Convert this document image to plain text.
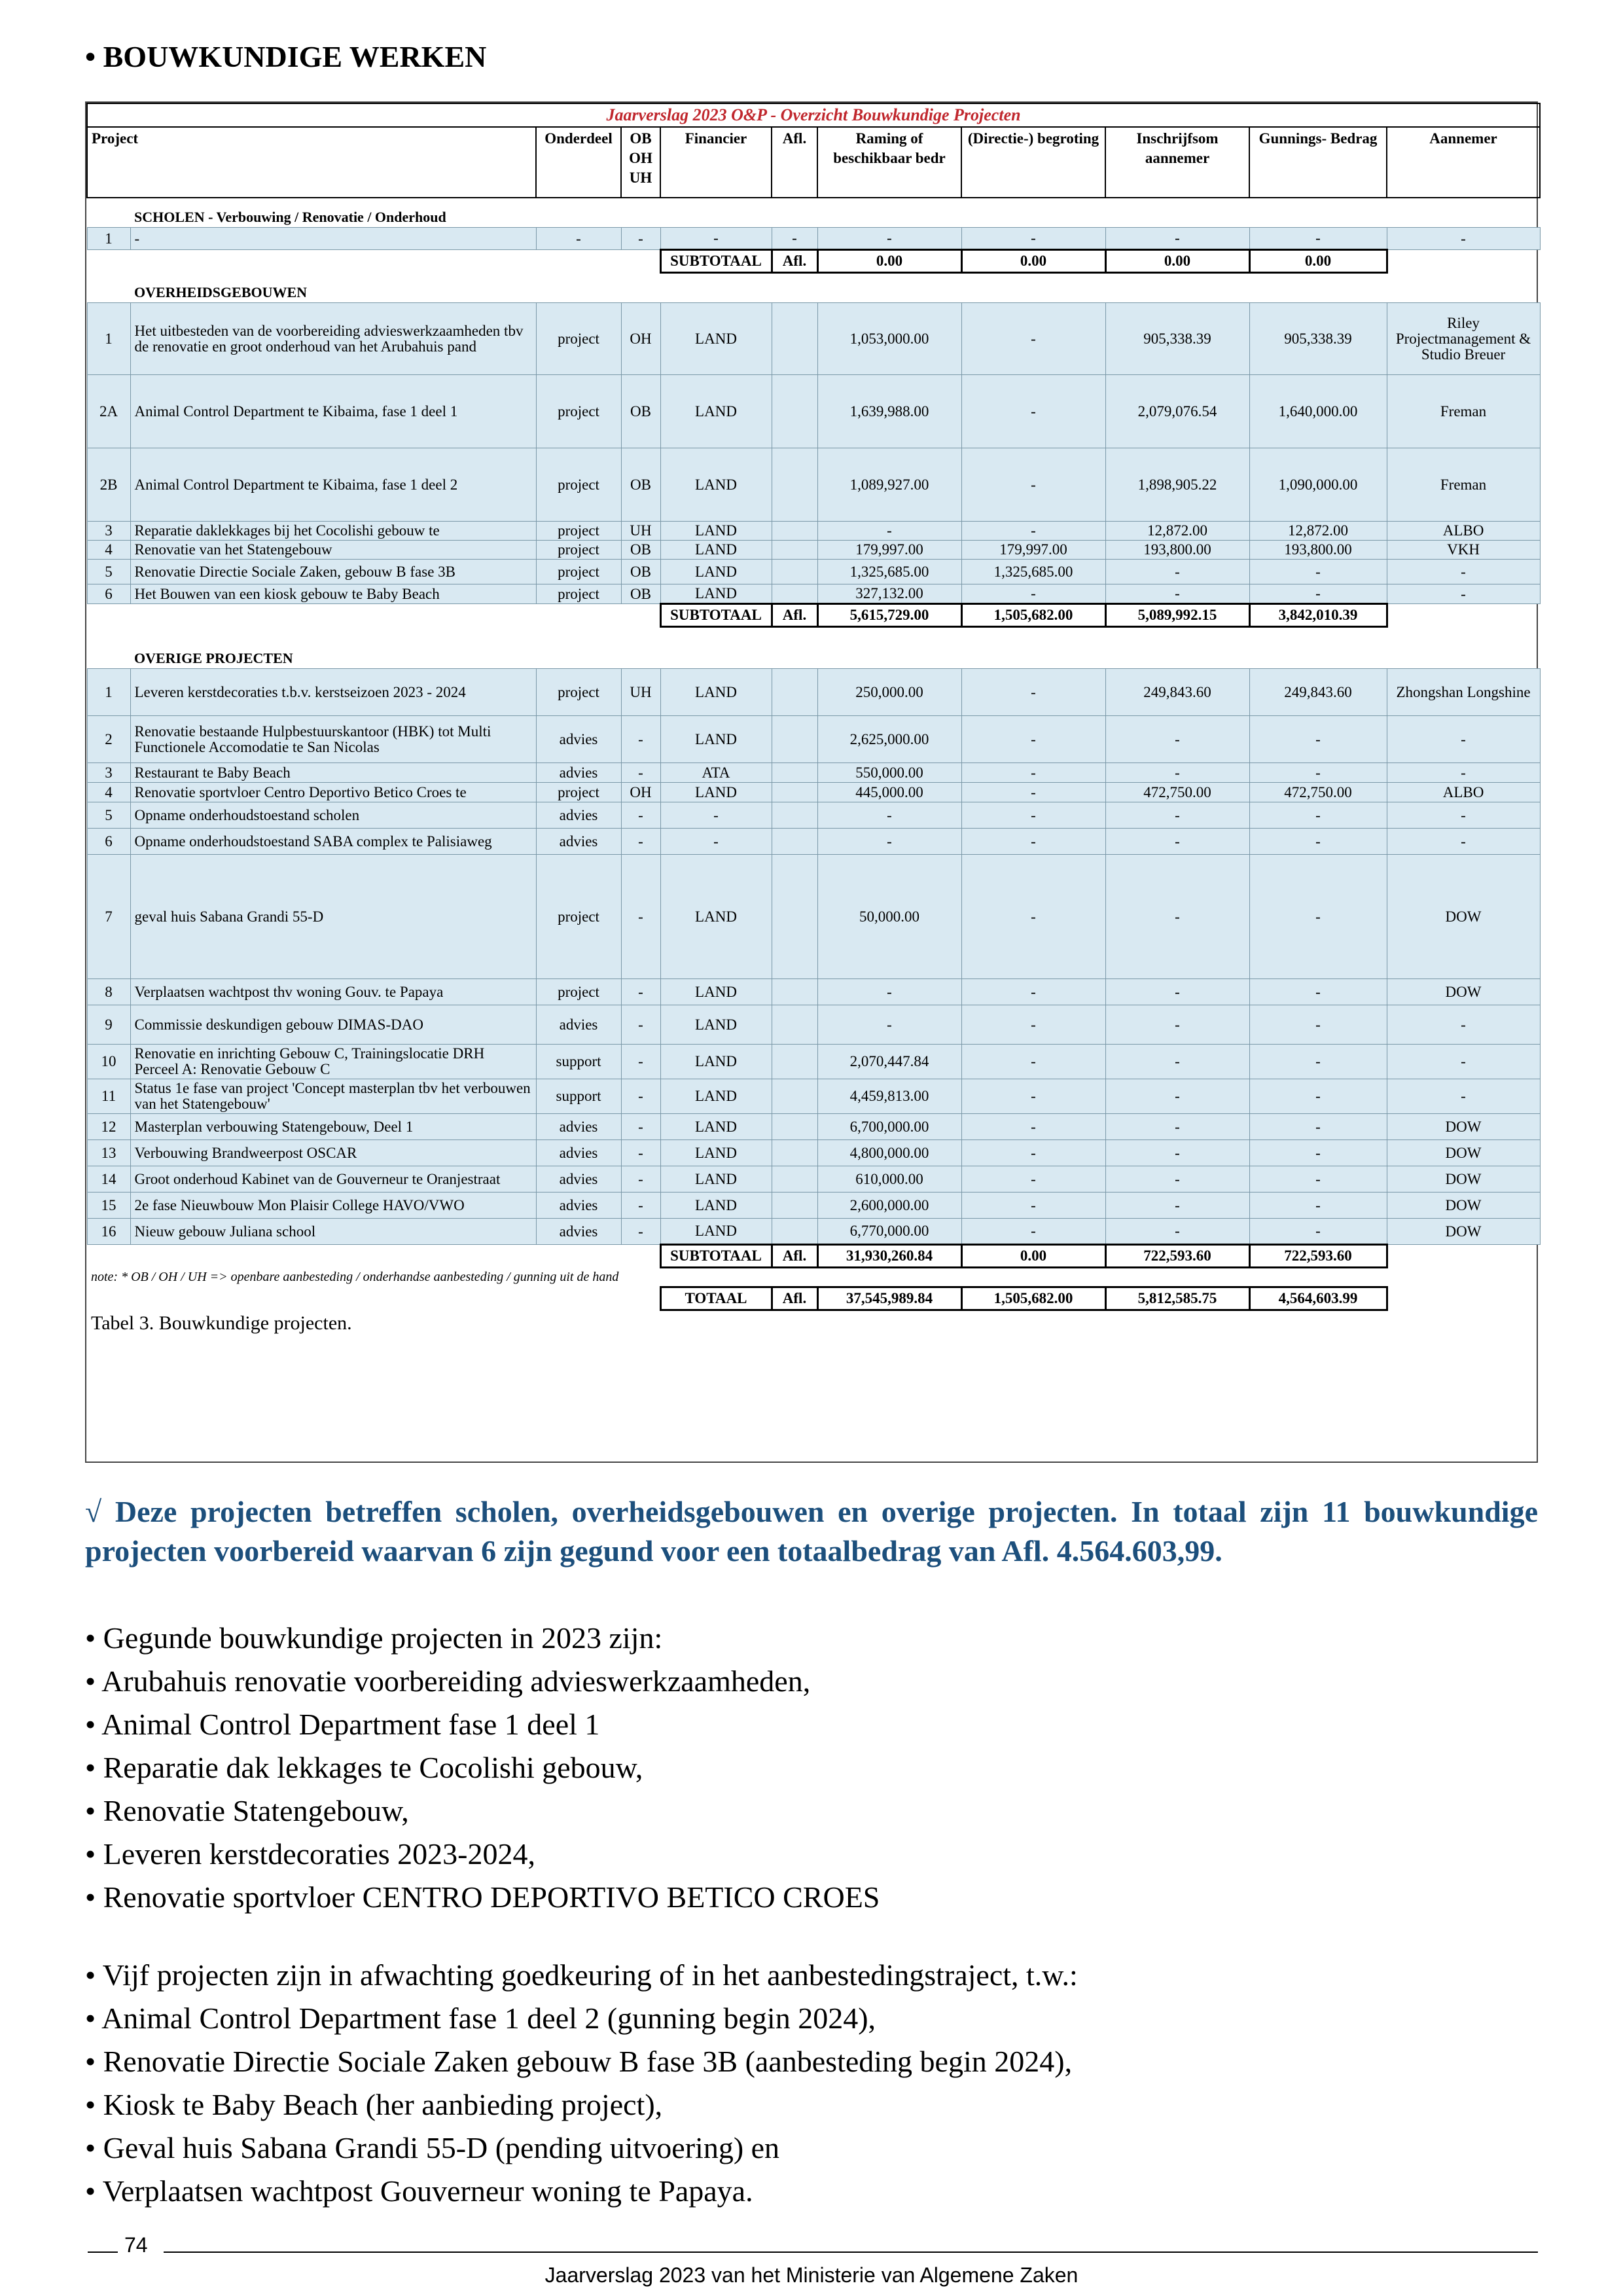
• BOUWKUNDIGE WERKEN
Jaarverslag 2023 O&P - Overzicht Bouwkundige Projecten										
Project		Onderdeel	OB OH UH	Financier	Afl.	Raming of beschikbaar bedr	(Directie-) begroting	Inschrijfsom aannemer	Gunnings- Bedrag	Aannemer
	SCHOLEN - Verbouwing / Renovatie / Onderhoud									
1	-	-	-	-	-	-	-	-	-	-
				SUBTOTAAL	Afl.	0.00	0.00	0.00	0.00	
	OVERHEIDSGEBOUWEN									
1	Het uitbesteden van de voorbereiding advieswerkzaamheden tbv de renovatie en groot onderhoud van het Arubahuis pand	project	OH	LAND		1,053,000.00	-	905,338.39	905,338.39	Riley Projectmanagement & Studio Breuer
2A	Animal Control Department te Kibaima, fase 1 deel 1	project	OB	LAND		1,639,988.00	-	2,079,076.54	1,640,000.00	Freman
2B	Animal Control Department te Kibaima, fase 1 deel 2	project	OB	LAND		1,089,927.00	-	1,898,905.22	1,090,000.00	Freman
3	Reparatie daklekkages bij het Cocolishi gebouw te	project	UH	LAND		-	-	12,872.00	12,872.00	ALBO
4	Renovatie van het Statengebouw	project	OB	LAND		179,997.00	179,997.00	193,800.00	193,800.00	VKH
5	Renovatie Directie Sociale Zaken, gebouw B fase 3B	project	OB	LAND		1,325,685.00	1,325,685.00	-	-	-
6	Het Bouwen van een kiosk gebouw te Baby Beach	project	OB	LAND		327,132.00	-	-	-	-
				SUBTOTAAL	Afl.	5,615,729.00	1,505,682.00	5,089,992.15	3,842,010.39	

	OVERIGE PROJECTEN									
1	Leveren kerstdecoraties t.b.v. kerstseizoen 2023 - 2024	project	UH	LAND		250,000.00	-	249,843.60	249,843.60	Zhongshan Longshine
2	Renovatie bestaande Hulpbestuurskantoor (HBK) tot Multi Functionele Accomodatie te San Nicolas	advies	-	LAND		2,625,000.00	-	-	-	-
3	Restaurant te Baby Beach	advies	-	ATA		550,000.00	-	-	-	-
4	Renovatie sportvloer Centro Deportivo Betico Croes te	project	OH	LAND		445,000.00	-	472,750.00	472,750.00	ALBO
5	Opname onderhoudstoestand scholen	advies	-	-		-	-	-	-	-
6	Opname onderhoudstoestand SABA complex te Palisiaweg	advies	-	-		-	-	-	-	-
7	geval huis Sabana Grandi 55-D	project	-	LAND		50,000.00	-	-	-	DOW
8	Verplaatsen wachtpost thv woning Gouv. te Papaya	project	-	LAND		-	-	-	-	DOW
9	Commissie deskundigen gebouw DIMAS-DAO	advies	-	LAND		-	-	-	-	-
10	Renovatie en inrichting Gebouw C, Trainingslocatie DRH Perceel A: Renovatie Gebouw C	support	-	LAND		2,070,447.84	-	-	-	-
11	Status 1e fase van project 'Concept masterplan tbv het verbouwen van het Statengebouw'	support	-	LAND		4,459,813.00	-	-	-	-
12	Masterplan verbouwing Statengebouw, Deel 1	advies	-	LAND		6,700,000.00	-	-	-	DOW
13	Verbouwing Brandweerpost OSCAR	advies	-	LAND		4,800,000.00	-	-	-	DOW
14	Groot onderhoud Kabinet van de Gouverneur te Oranjestraat	advies	-	LAND		610,000.00	-	-	-	DOW
15	2e fase Nieuwbouw Mon Plaisir College HAVO/VWO	advies	-	LAND		2,600,000.00	-	-	-	DOW
16	Nieuw gebouw Juliana school	advies	-	LAND		6,770,000.00	-	-	-	DOW
				SUBTOTAAL	Afl.	31,930,260.84	0.00	722,593.60	722,593.60	
note: * OB / OH / UH => openbare aanbesteding / onderhandse aanbesteding / gunning uit de hand										
				TOTAAL	Afl.	37,545,989.84	1,505,682.00	5,812,585.75	4,564,603.99	
Tabel 3. Bouwkundige projecten.										
√ Deze projecten betreffen scholen, overheidsgebouwen en overige projecten. In totaal zijn 11 bouwkundige projecten voorbereid waarvan 6 zijn gegund voor een totaalbedrag van Afl. 4.564.603,99.
• Gegunde bouwkundige projecten in 2023 zijn:
• Arubahuis renovatie voorbereiding advieswerkzaamheden,
• Animal Control Department fase 1 deel 1
• Reparatie dak lekkages te Cocolishi gebouw,
• Renovatie Statengebouw,
• Leveren kerstdecoraties 2023-2024,
• Renovatie sportvloer CENTRO DEPORTIVO BETICO CROES
• Vijf projecten zijn in afwachting goedkeuring of in het aanbestedingstraject, t.w.:
• Animal Control Department fase 1 deel 2 (gunning begin 2024),
• Renovatie Directie Sociale Zaken gebouw B fase 3B (aanbesteding begin 2024),
• Kiosk te Baby Beach (her aanbieding project),
• Geval huis Sabana Grandi 55-D (pending uitvoering) en
• Verplaatsen wachtpost Gouverneur woning te Papaya.
74
Jaarverslag 2023 van het Ministerie van Algemene Zaken
